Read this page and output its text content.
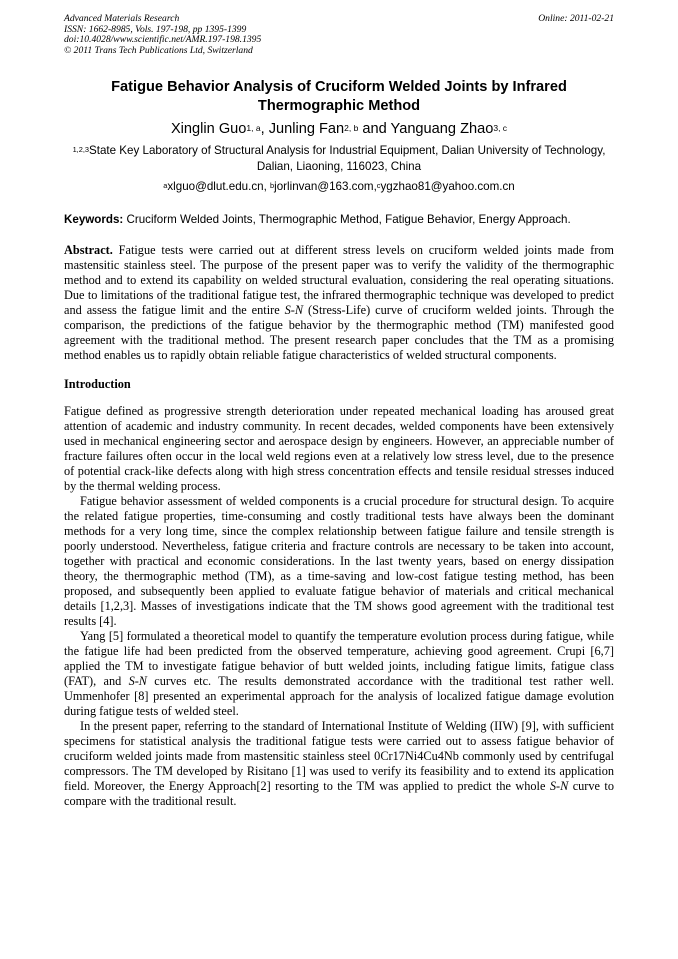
Advanced Materials Research
ISSN: 1662-8985, Vols. 197-198, pp 1395-1399
doi:10.4028/www.scientific.net/AMR.197-198.1395
© 2011 Trans Tech Publications Ltd, Switzerland
Online: 2011-02-21
Fatigue Behavior Analysis of Cruciform Welded Joints by Infrared Thermographic Method
Xinglin Guo$^{1, a}$, Junling Fan$^{2, b}$ and Yanguang Zhao$^{3, c}$
$^{1,2,3}$State Key Laboratory of Structural Analysis for Industrial Equipment, Dalian University of Technology, Dalian, Liaoning, 116023, China
$^a$xlguo@dlut.edu.cn, $^b$jorlinvan@163.com,$^c$ygzhao81@yahoo.com.cn
Keywords: Cruciform Welded Joints, Thermographic Method, Fatigue Behavior, Energy Approach.
Abstract. Fatigue tests were carried out at different stress levels on cruciform welded joints made from mastensitic stainless steel. The purpose of the present paper was to verify the validity of the thermographic method and to extend its capability on welded structural evaluation, considering the real operating situations. Due to limitations of the traditional fatigue test, the infrared thermographic technique was developed to predict and assess the fatigue limit and the entire S-N (Stress-Life) curve of cruciform welded joints. Through the comparison, the predictions of the fatigue behavior by the thermographic method (TM) manifested good agreement with the traditional method. The present research paper concludes that the TM as a promising method enables us to rapidly obtain reliable fatigue characteristics of welded structural components.
Introduction
Fatigue defined as progressive strength deterioration under repeated mechanical loading has aroused great attention of academic and industry community. In recent decades, welded components have been extensively used in mechanical engineering sector and aerospace design by engineers. However, an appreciable number of fracture failures often occur in the local weld regions even at a relatively low stress level, due to the presence of potential crack-like defects along with high stress concentration effects and tensile residual stresses induced by the thermal welding process.
Fatigue behavior assessment of welded components is a crucial procedure for structural design. To acquire the related fatigue properties, time-consuming and costly traditional tests have always been the dominant methods for a very long time, since the complex relationship between fatigue failure and tensile strength is poorly understood. Nevertheless, fatigue criteria and fracture controls are necessary to be taken into account, together with practical and economic considerations. In the last twenty years, based on energy dissipation theory, the thermographic method (TM), as a time-saving and low-cost fatigue testing method, has been proposed, and subsequently been applied to evaluate fatigue behavior of materials and critical mechanical details [1,2,3]. Masses of investigations indicate that the TM shows good agreement with the traditional test results [4].
Yang [5] formulated a theoretical model to quantify the temperature evolution process during fatigue, while the fatigue life had been predicted from the observed temperature, achieving good agreement. Crupi [6,7] applied the TM to investigate fatigue behavior of butt welded joints, including fatigue limits, fatigue class (FAT), and S-N curves etc. The results demonstrated accordance with the traditional test rather well. Ummenhofer [8] presented an experimental approach for the analysis of localized fatigue damage evolution during fatigue tests of welded steel.
In the present paper, referring to the standard of International Institute of Welding (IIW) [9], with sufficient specimens for statistical analysis the traditional fatigue tests were carried out to assess fatigue behavior of cruciform welded joints made from mastensitic stainless steel 0Cr17Ni4Cu4Nb commonly used by centrifugal compressors. The TM developed by Risitano [1] was used to verify its feasibility and to extend its application field. Moreover, the Energy Approach[2] resorting to the TM was applied to predict the whole S-N curve to compare with the traditional result.
